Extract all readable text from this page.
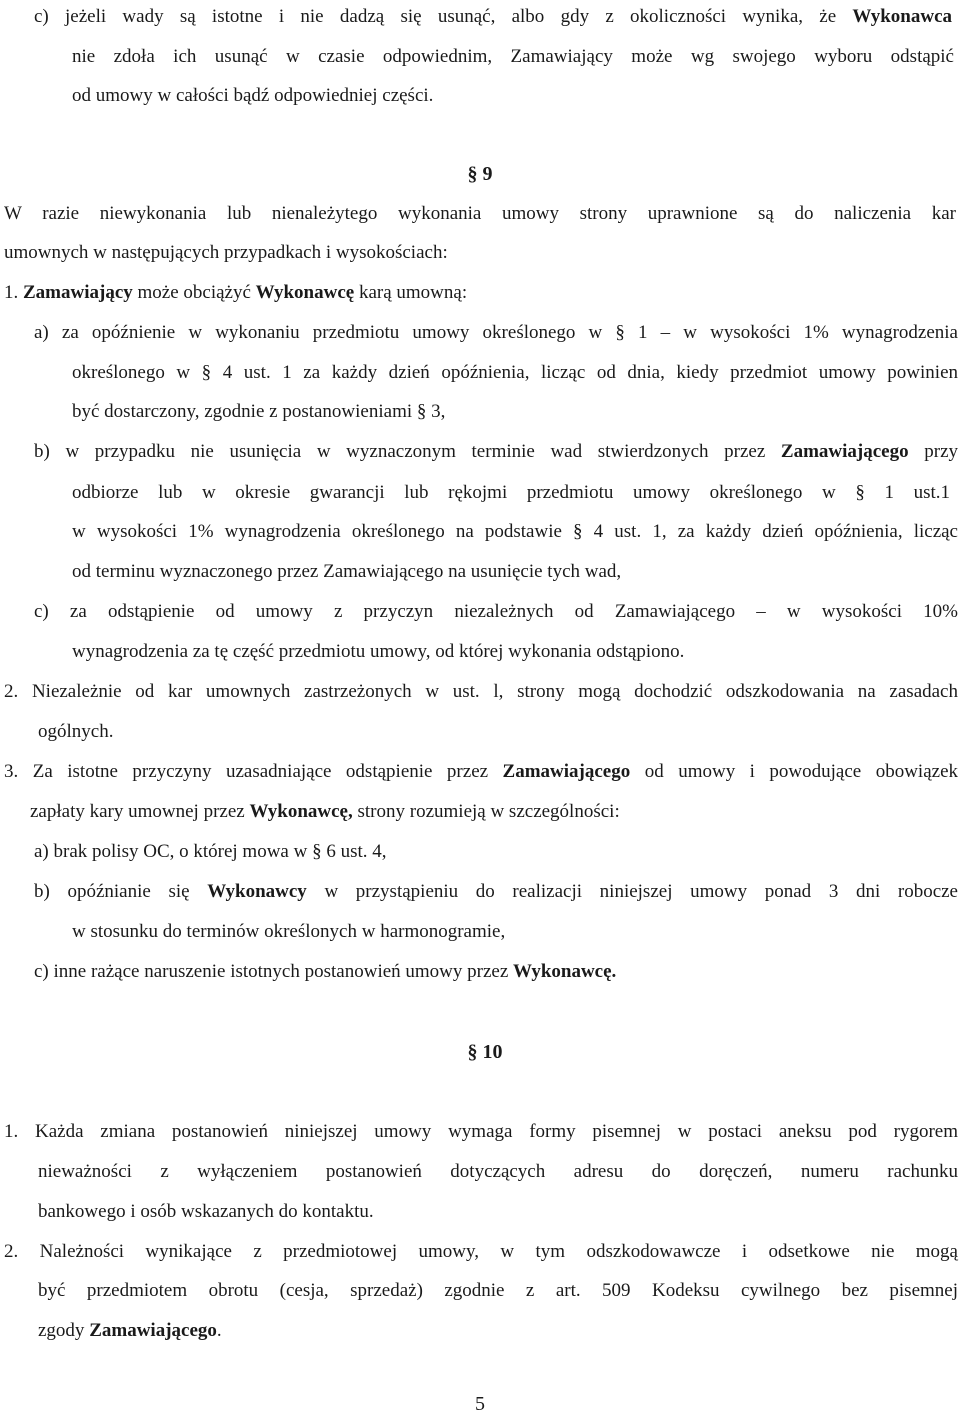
c) jeżeli wady są istotne i nie dadzą się usunąć, albo gdy z okoliczności wynika, że Wykonawca
nie zdoła ich usunąć w czasie odpowiednim, Zamawiający może wg swojego wyboru odstąpić
od umowy w całości bądź odpowiedniej części.
§ 9
W razie niewykonania lub nienależytego wykonania umowy strony uprawnione są do naliczenia kar
umownych w następujących przypadkach i wysokościach:
1. Zamawiający może obciążyć Wykonawcę karą umowną:
a) za opóźnienie w wykonaniu przedmiotu umowy określonego w § 1 – w wysokości 1% wynagrodzenia
określonego w § 4 ust. 1 za każdy dzień opóźnienia, licząc od dnia, kiedy przedmiot umowy powinien
być dostarczony, zgodnie z postanowieniami § 3,
b) w przypadku nie usunięcia w wyznaczonym terminie wad stwierdzonych przez Zamawiającego przy
odbiorze lub w okresie gwarancji lub rękojmi przedmiotu umowy określonego w § 1 ust.1
w wysokości 1% wynagrodzenia określonego na podstawie § 4 ust. 1, za każdy dzień opóźnienia, licząc
od terminu wyznaczonego przez Zamawiającego na usunięcie tych wad,
c) za odstąpienie od umowy z przyczyn niezależnych od Zamawiającego – w wysokości 10%
wynagrodzenia za tę część przedmiotu umowy, od której wykonania odstąpiono.
2. Niezależnie od kar umownych zastrzeżonych w ust. l, strony mogą dochodzić odszkodowania na zasadach
ogólnych.
3. Za istotne przyczyny uzasadniające odstąpienie przez Zamawiającego od umowy i powodujące obowiązek
zapłaty kary umownej przez Wykonawcę, strony rozumieją w szczególności:
a) brak polisy OC, o której mowa w § 6 ust. 4,
b) opóźnianie się Wykonawcy w przystąpieniu do realizacji niniejszej umowy ponad 3 dni robocze
w stosunku do terminów określonych w harmonogramie,
c) inne rażące naruszenie istotnych postanowień umowy przez Wykonawcę.
§ 10
1. Każda zmiana postanowień niniejszej umowy wymaga formy pisemnej w postaci aneksu pod rygorem
nieważności z wyłączeniem postanowień dotyczących adresu do doręczeń, numeru rachunku
bankowego i osób wskazanych do kontaktu.
2. Należności wynikające z przedmiotowej umowy, w tym odszkodowawcze i odsetkowe nie mogą
być przedmiotem obrotu (cesja, sprzedaż) zgodnie z art. 509 Kodeksu cywilnego bez pisemnej
zgody Zamawiającego.
5
